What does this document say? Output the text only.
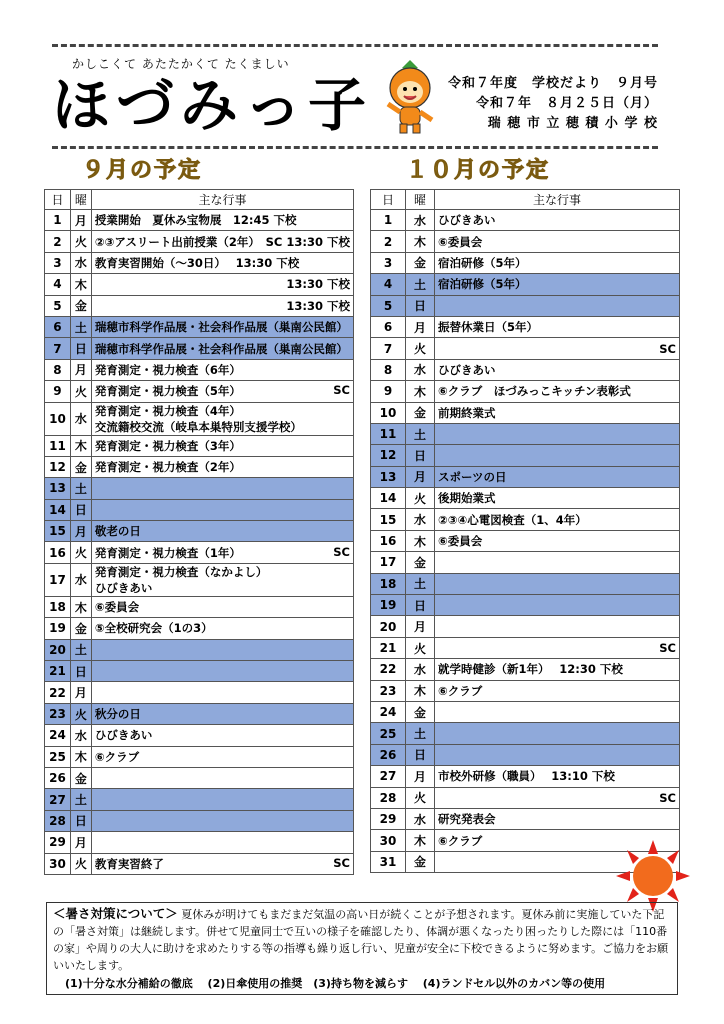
かしこくて あたたかくて たくましい
ほづみっ子	令和７年度　学校だより　９月号
令和７年　８月２５日（月）
瑞 穂 市 立 穂 積 小 学 校
９月の予定	１０月の予定
日	曜	主な行事
1	月	授業開始　夏休み宝物展　12:45 下校

2	火	②③アスリート出前授業（2年）　SC 13:30 下校

3	水	教育実習開始（～30日）　 13:30 下校

4	木	13:30 下校

5	金	13:30 下校

6	土	瑞穂市科学作品展・社会科作品展（巣南公民館）

7	日	瑞穂市科学作品展・社会科作品展（巣南公民館）

8	月	発育測定・視力検査（6年）

9	火	発育測定・視力検査（5年） SC

10	水	発育測定・視力検査（4年）
交流籍校交流（岐阜本巣特別支援学校）

11	木	発育測定・視力検査（3年）

12	金	発育測定・視力検査（2年）

13	土	

14	日	

15	月	敬老の日

16	火	発育測定・視力検査（1年） SC

17	水	発育測定・視力検査（なかよし）
ひびきあい

18	木	⑥委員会

19	金	⑤全校研究会（1の3）

20	土	

21	日	

22	月	

23	火	秋分の日

24	水	ひびきあい

25	木	⑥クラブ

26	金	

27	土	

28	日	

29	月	

30	火	教育実習終了 SC
日	曜	主な行事
1	水	ひびきあい

2	木	⑥委員会

3	金	宿泊研修（5年）

4	土	宿泊研修（5年）

5	日	

6	月	振替休業日（5年）

7	火	SC

8	水	ひびきあい

9	木	⑥クラブ　ほづみっこキッチン表彰式

10	金	前期終業式

11	土	

12	日	

13	月	スポーツの日

14	火	後期始業式

15	水	②③④心電図検査（1、4年）

16	木	⑥委員会

17	金	

18	土	

19	日	

20	月	

21	火	SC

22	水	就学時健診（新1年）　 12:30 下校

23	木	⑥クラブ

24	金	

25	土	

26	日	

27	月	市校外研修（職員）　 13:10 下校

28	火	SC

29	水	研究発表会

30	木	⑥クラブ

31	金	
＜暑さ対策について＞ 夏休みが明けてもまだまだ気温の高い日が続くことが予想されます。夏休み前に実施していた下記の「暑さ対策」は継続します。併せて児童同士で互いの様子を確認したり、体調が悪くなったり困ったりした際には「110番の家」や周りの大人に助けを求めたりする等の指導も繰り返し行い、児童が安全に下校できるように努めます。ご協力をお願いいたします。
(1)十分な水分補給の徹底　 (2)日傘使用の推奨　(3)持ち物を減らす　 (4)ランドセル以外のカバン等の使用
